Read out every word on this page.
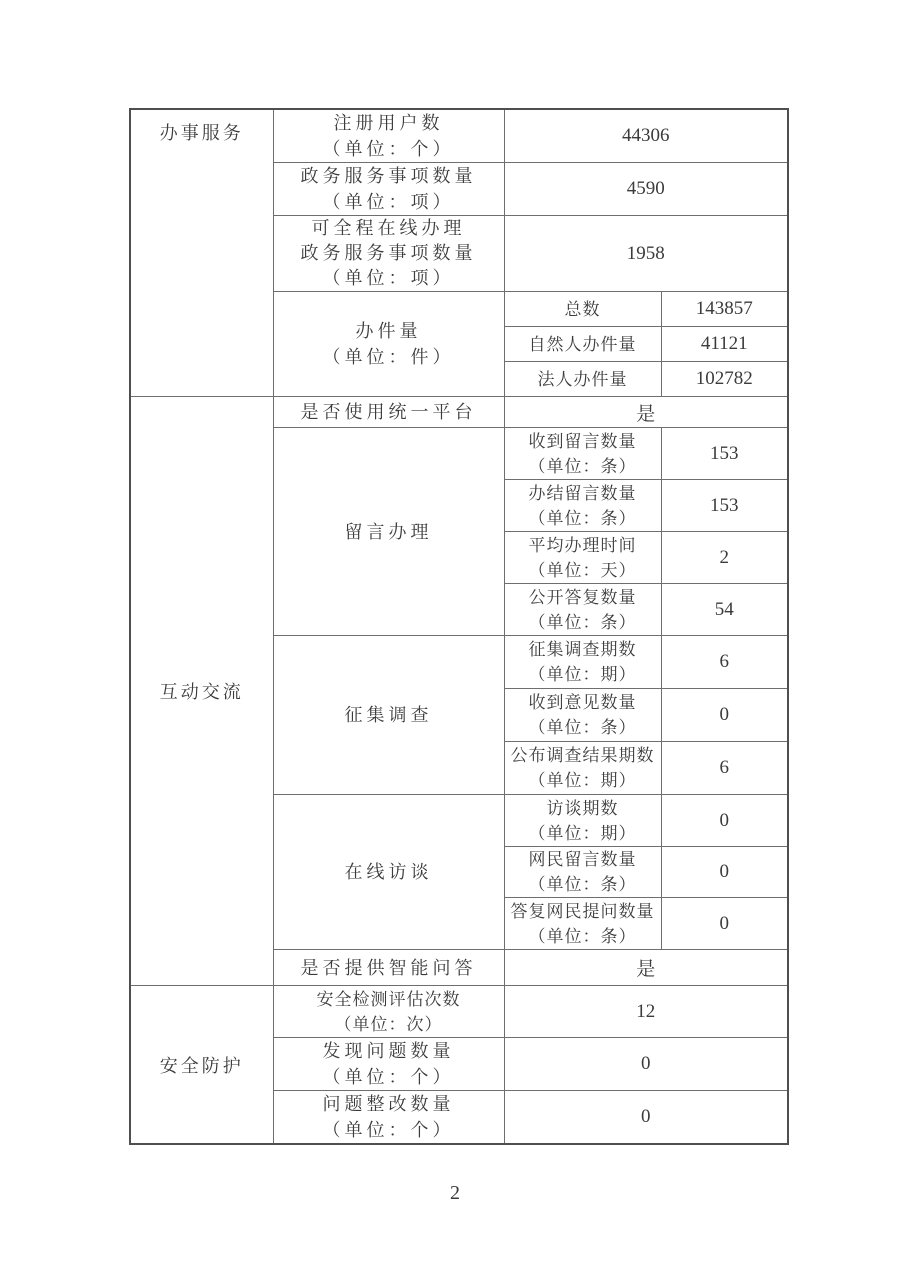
办事服务	注册用户数
（单位：个）	44306	

	政务服务事项数量
（单位：项）	4590	

	可全程在线办理
政务服务事项数量
（单位：项）	1958	

	办件量
（单位：件）	总数	143857
		自然人办件量	41121
		法人办件量	102782
互动交流	是否使用统一平台	是	
	留言办理	收到留言数量
（单位：条）	153

		办结留言数量
（单位：条）	153

		平均办理时间
（单位：天）	2

		公开答复数量
（单位：条）	54
	征集调查	征集调查期数
（单位：期）	6

		收到意见数量
（单位：条）	0

		公布调查结果期数
（单位：期）	6
	在线访谈	访谈期数
（单位：期）	0

		网民留言数量
（单位：条）	0

		答复网民提问数量
（单位：条）	0
	是否提供智能问答	是	
安全防护	安全检测评估次数
（单位：次）	12	

	发现问题数量
（单位：个）	0	

	问题整改数量
（单位：个）	0	
2
